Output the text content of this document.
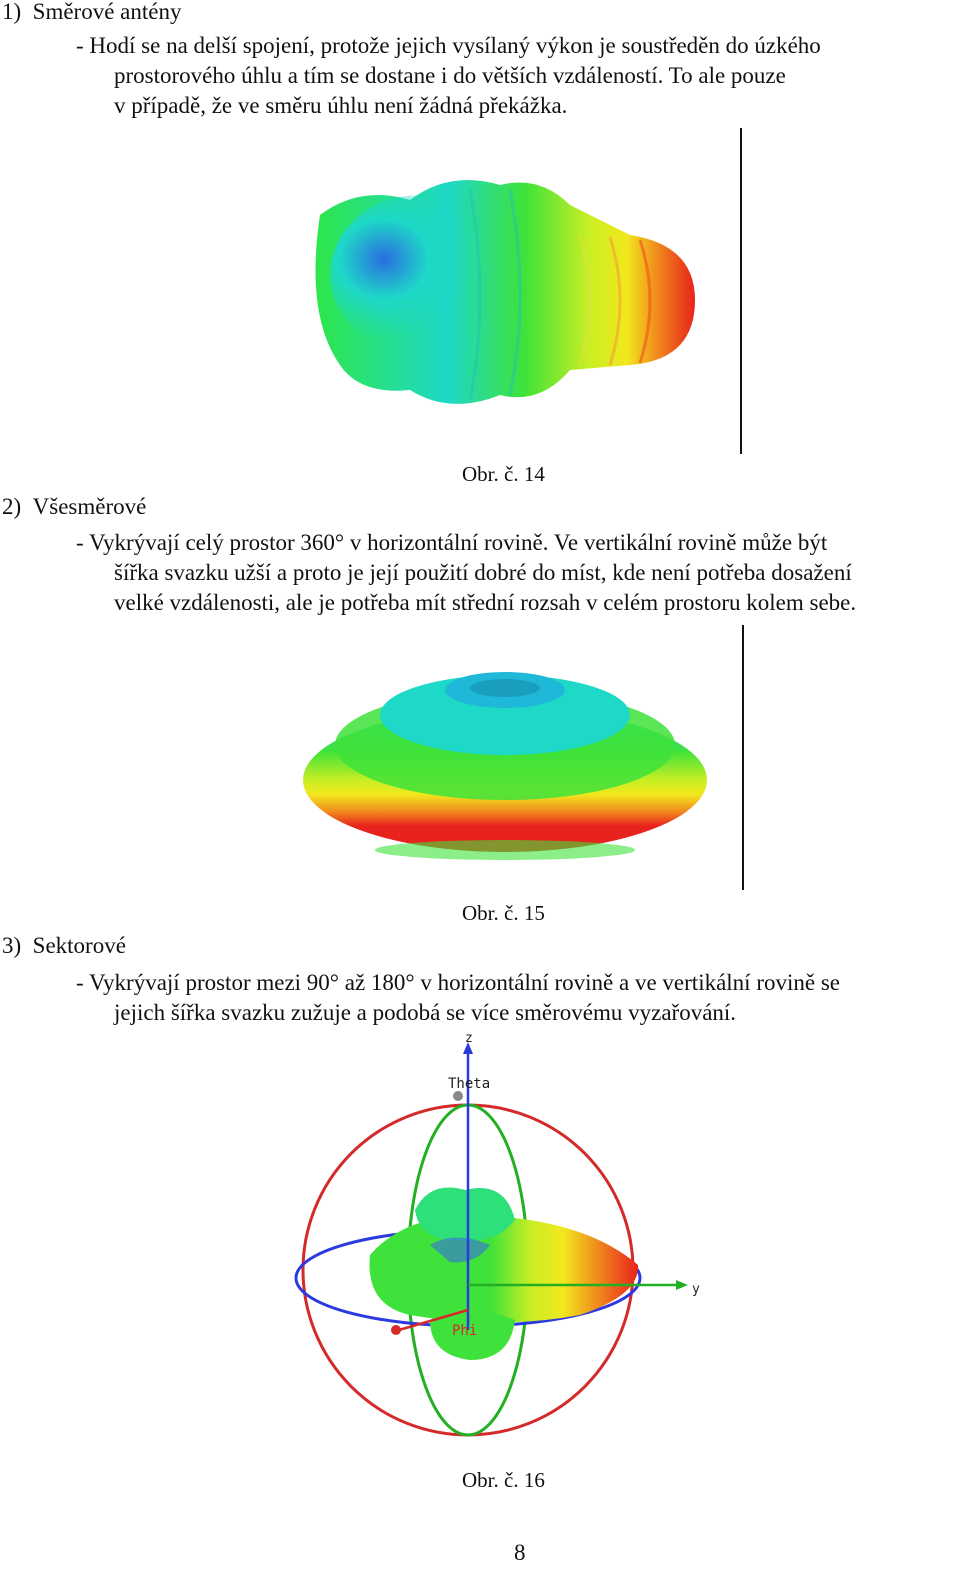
1)  Směrové antény
- Hodí se na delší spojení, protože jejich vysílaný výkon je soustředěn do úzkého
prostorového úhlu a tím se dostane i do větších vzdáleností. To ale pouze
v případě, že ve směru úhlu není žádná překážka.
Obr. č. 14
2)  Všesměrové
- Vykrývají celý prostor 360° v horizontální rovině. Ve vertikální rovině může být
šířka svazku užší a proto je její použití dobré do míst, kde není potřeba dosažení
velké vzdálenosti, ale je potřeba mít střední rozsah v celém prostoru kolem sebe.
Obr. č. 15
3)  Sektorové
- Vykrývají prostor mezi 90° až 180° v horizontální rovině a ve vertikální rovině se
jejich šířka svazku zužuje a podobá se více směrovému vyzařování.
z
Theta
y
Phi
Obr. č. 16
8
